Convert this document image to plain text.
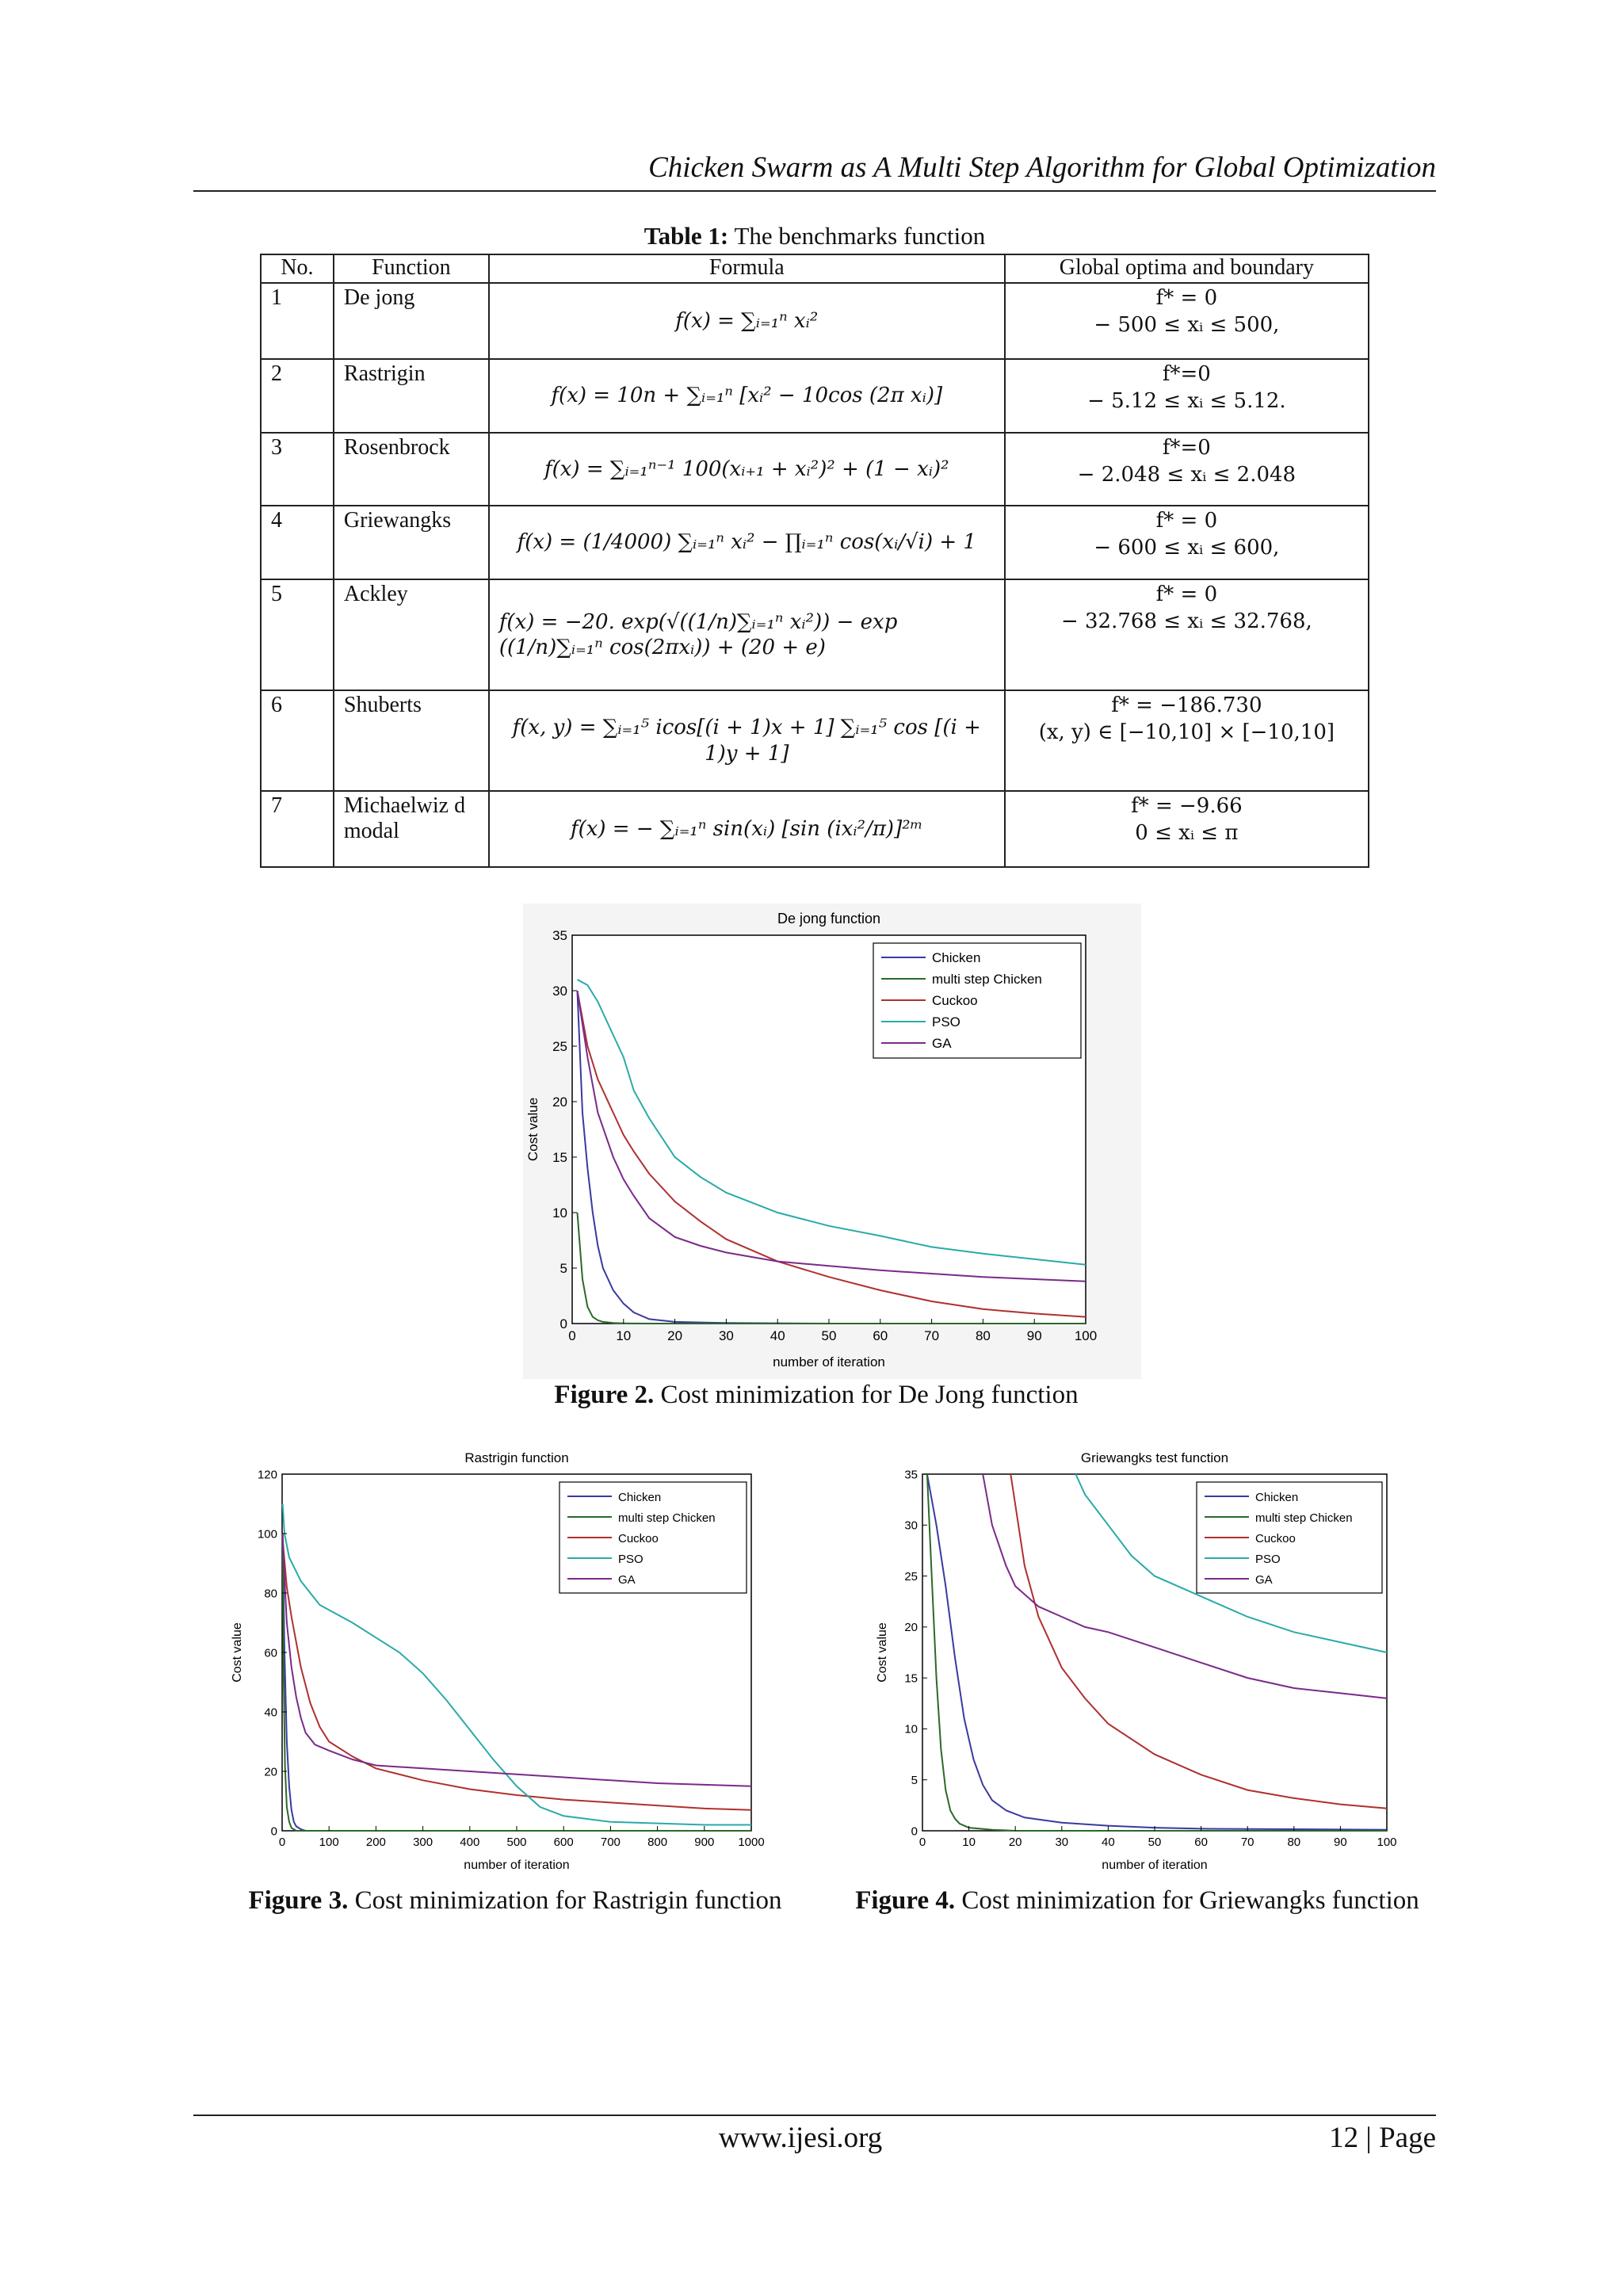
Chicken Swarm as A Multi Step Algorithm for Global Optimization
Table 1: The benchmarks function
No.	Function	Formula	Global optima and boundary
1	De jong	f(x) = ∑ᵢ₌₁ⁿ xᵢ²	f* = 0
− 500 ≤ xᵢ ≤ 500,

2	Rastrigin	f(x) = 10n + ∑ᵢ₌₁ⁿ [xᵢ² − 10cos (2π xᵢ)]	f*=0
− 5.12 ≤ xᵢ ≤ 5.12.

3	Rosenbrock	f(x) = ∑ᵢ₌₁ⁿ⁻¹ 100(xᵢ₊₁ + xᵢ²)² + (1 − xᵢ)²	f*=0
− 2.048 ≤ xᵢ ≤ 2.048

4	Griewangks	f(x) = (1/4000) ∑ᵢ₌₁ⁿ xᵢ² − ∏ᵢ₌₁ⁿ cos(xᵢ/√i) + 1	f* = 0
− 600 ≤ xᵢ ≤ 600,

5	Ackley	f(x) = −20. exp(√((1/n)∑ᵢ₌₁ⁿ xᵢ²)) − exp ((1/n)∑ᵢ₌₁ⁿ cos(2πxᵢ)) + (20 + e)	f* = 0
− 32.768 ≤ xᵢ ≤ 32.768,

6	Shuberts	f(x, y) = ∑ᵢ₌₁⁵ icos[(i + 1)x + 1] ∑ᵢ₌₁⁵ cos [(i + 1)y + 1]	f* = −186.730
(x, y) ∈ [−10,10] × [−10,10]

7	Michaelwiz d modal	f(x) = − ∑ᵢ₌₁ⁿ sin(xᵢ) [sin (ixᵢ²/π)]²ᵐ	f* = −9.66
0 ≤ xᵢ ≤ π
0	10	20	30	40	50	60	70	80	90 100
0
5
10
15
20
25
30
35
De jong function
number of iteration
Cost value
Chicken
multi step Chicken
Cuckoo
PSO
GA
0	100 200 300 400 500 600 700 800 900 1000
0
20
40
60
80
100
120
Rastrigin function
number of iteration
Cost value
Chicken
multi step Chicken
Cuckoo
PSO
GA
0	10	20	30	40	50	60	70	80	90	100
0
5
10
15
20
25
30
35
Griewangks test function
number of iteration
Cost value
Chicken
multi step Chicken
Cuckoo
PSO
GA
Figure 2. Cost minimization for De Jong function
Figure 3. Cost minimization for Rastrigin function	Figure 4. Cost minimization for Griewangks function
www.ijesi.org	12 | Page
